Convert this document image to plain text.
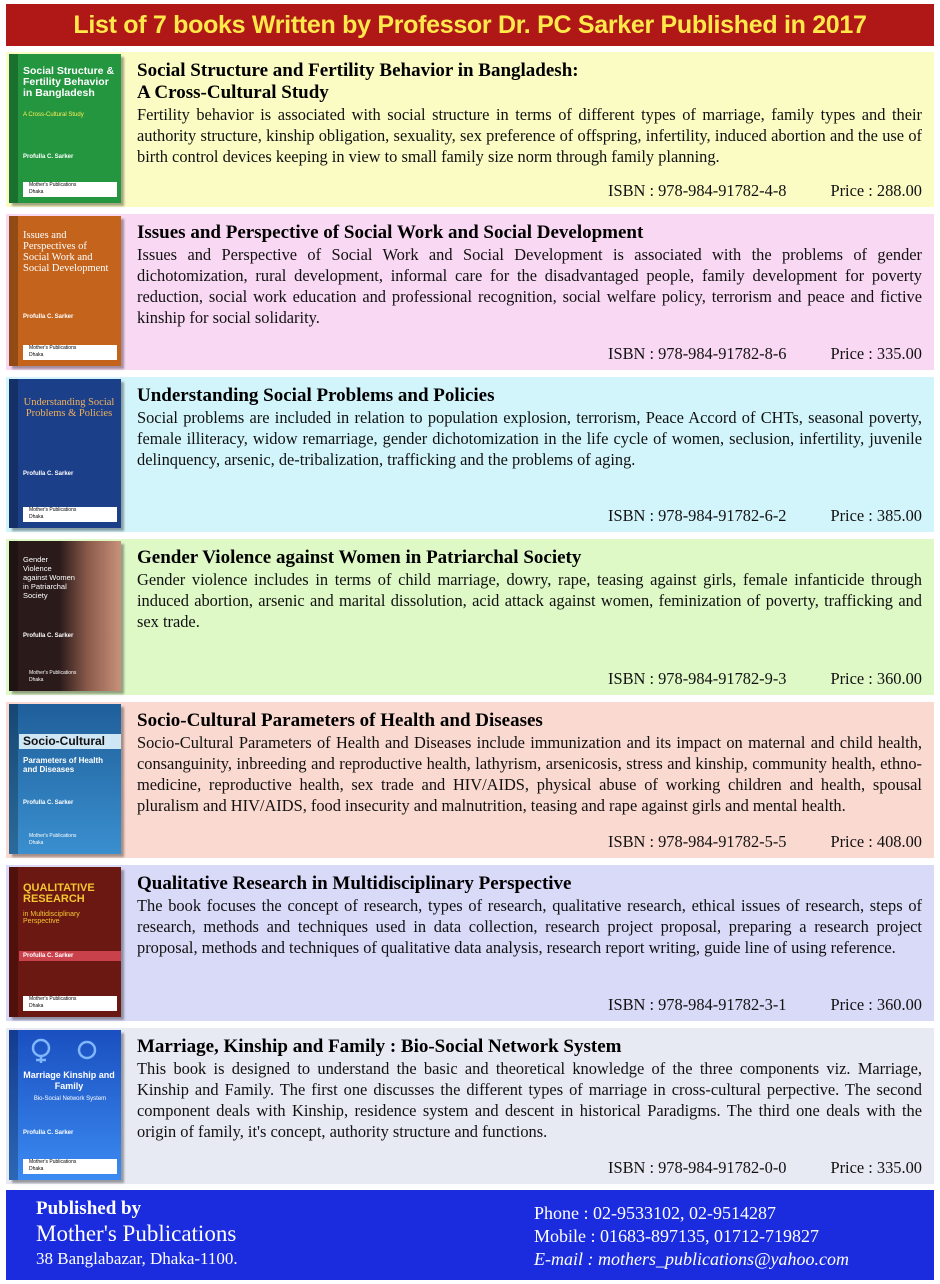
List of 7 books Written by Professor Dr. PC Sarker Published in 2017
Social Structure & Fertility Behavior in Bangladesh
A Cross-Cultural Study
Profulla C. Sarker
Mother's Publications
Dhaka
Social Structure and Fertility Behavior in Bangladesh:
A Cross-Cultural Study

Fertility behavior is associated with social structure in terms of different types of marriage, family types and their authority structure, kinship obligation, sexuality, sex preference of offspring, infertility, induced abortion and the use of birth control devices keeping in view to small family size norm through family planning.

ISBN : 978-984-91782-4-8	Price : 288.00
Issues and Perspectives of Social Work and Social Development
Profulla C. Sarker
Mother's Publications
Dhaka
Issues and Perspective of Social Work and Social Development

Issues and Perspective of Social Work and Social Development is associated with the problems of gender dichotomization, rural development, informal care for the disadvantaged people, family development for poverty reduction, social work education and professional recognition, social welfare policy, terrorism and peace and fictive kinship for social solidarity.

ISBN : 978-984-91782-8-6	Price : 335.00
Understanding Social Problems & Policies
Profulla C. Sarker
Mother's Publications
Dhaka
Understanding Social Problems and Policies

Social problems are included in relation to population explosion, terrorism, Peace Accord of CHTs, seasonal poverty, female illiteracy, widow remarriage, gender dichotomization in the life cycle of women, seclusion, infertility, juvenile delinquency, arsenic, de-tribalization, trafficking and the problems of aging.

ISBN : 978-984-91782-6-2	Price : 385.00
Gender Violence against Women in Patriarchal Society
Profulla C. Sarker
Mother's Publications
Dhaka
Gender Violence against Women in Patriarchal Society

Gender violence includes in terms of child marriage, dowry, rape, teasing against girls, female infanticide through induced abortion, arsenic and marital dissolution, acid attack against women, feminization of poverty, trafficking and sex trade.

ISBN : 978-984-91782-9-3	Price : 360.00
Socio-Cultural
Parameters of Health and Diseases
Profulla C. Sarker
Mother's Publications
Dhaka
Socio-Cultural Parameters of Health and Diseases

Socio-Cultural Parameters of Health and Diseases include immunization and its impact on maternal and child health, consanguinity, inbreeding and reproductive health, lathyrism, arsenicosis, stress and kinship, community health, ethno-medicine, reproductive health, sex trade and HIV/AIDS, physical abuse of working children and health, spousal pluralism and HIV/AIDS, food insecurity and malnutrition, teasing and rape against girls and mental health.

ISBN : 978-984-91782-5-5	Price : 408.00
QUALITATIVE RESEARCH
in Multidisciplinary Perspective
Profulla C. Sarker
Mother's Publications
Dhaka
Qualitative Research in Multidisciplinary Perspective

The book focuses the concept of research, types of research, qualitative research, ethical issues of research, steps of research, methods and techniques used in data collection, research project proposal, preparing a research project proposal, methods and techniques of qualitative data analysis, research report writing, guide line of using reference.

ISBN : 978-984-91782-3-1	Price : 360.00
Marriage Kinship and Family
Bio-Social Network System
Profulla C. Sarker
Mother's Publications
Dhaka
Marriage, Kinship and Family : Bio-Social Network System

This book is designed to understand the basic and theoretical knowledge of the three components viz. Marriage, Kinship and Family. The first one discusses the different types of marriage in cross-cultural perpective. The second component deals with Kinship, residence system and descent in historical Paradigms. The third one deals with the origin of family, it's concept, authority structure and functions.

ISBN : 978-984-91782-0-0	Price : 335.00
Published by
Mother's Publications
38 Banglabazar, Dhaka-1100.
Phone : 02-9533102, 02-9514287
Mobile : 01683-897135, 01712-719827
E-mail : mothers_publications@yahoo.com
